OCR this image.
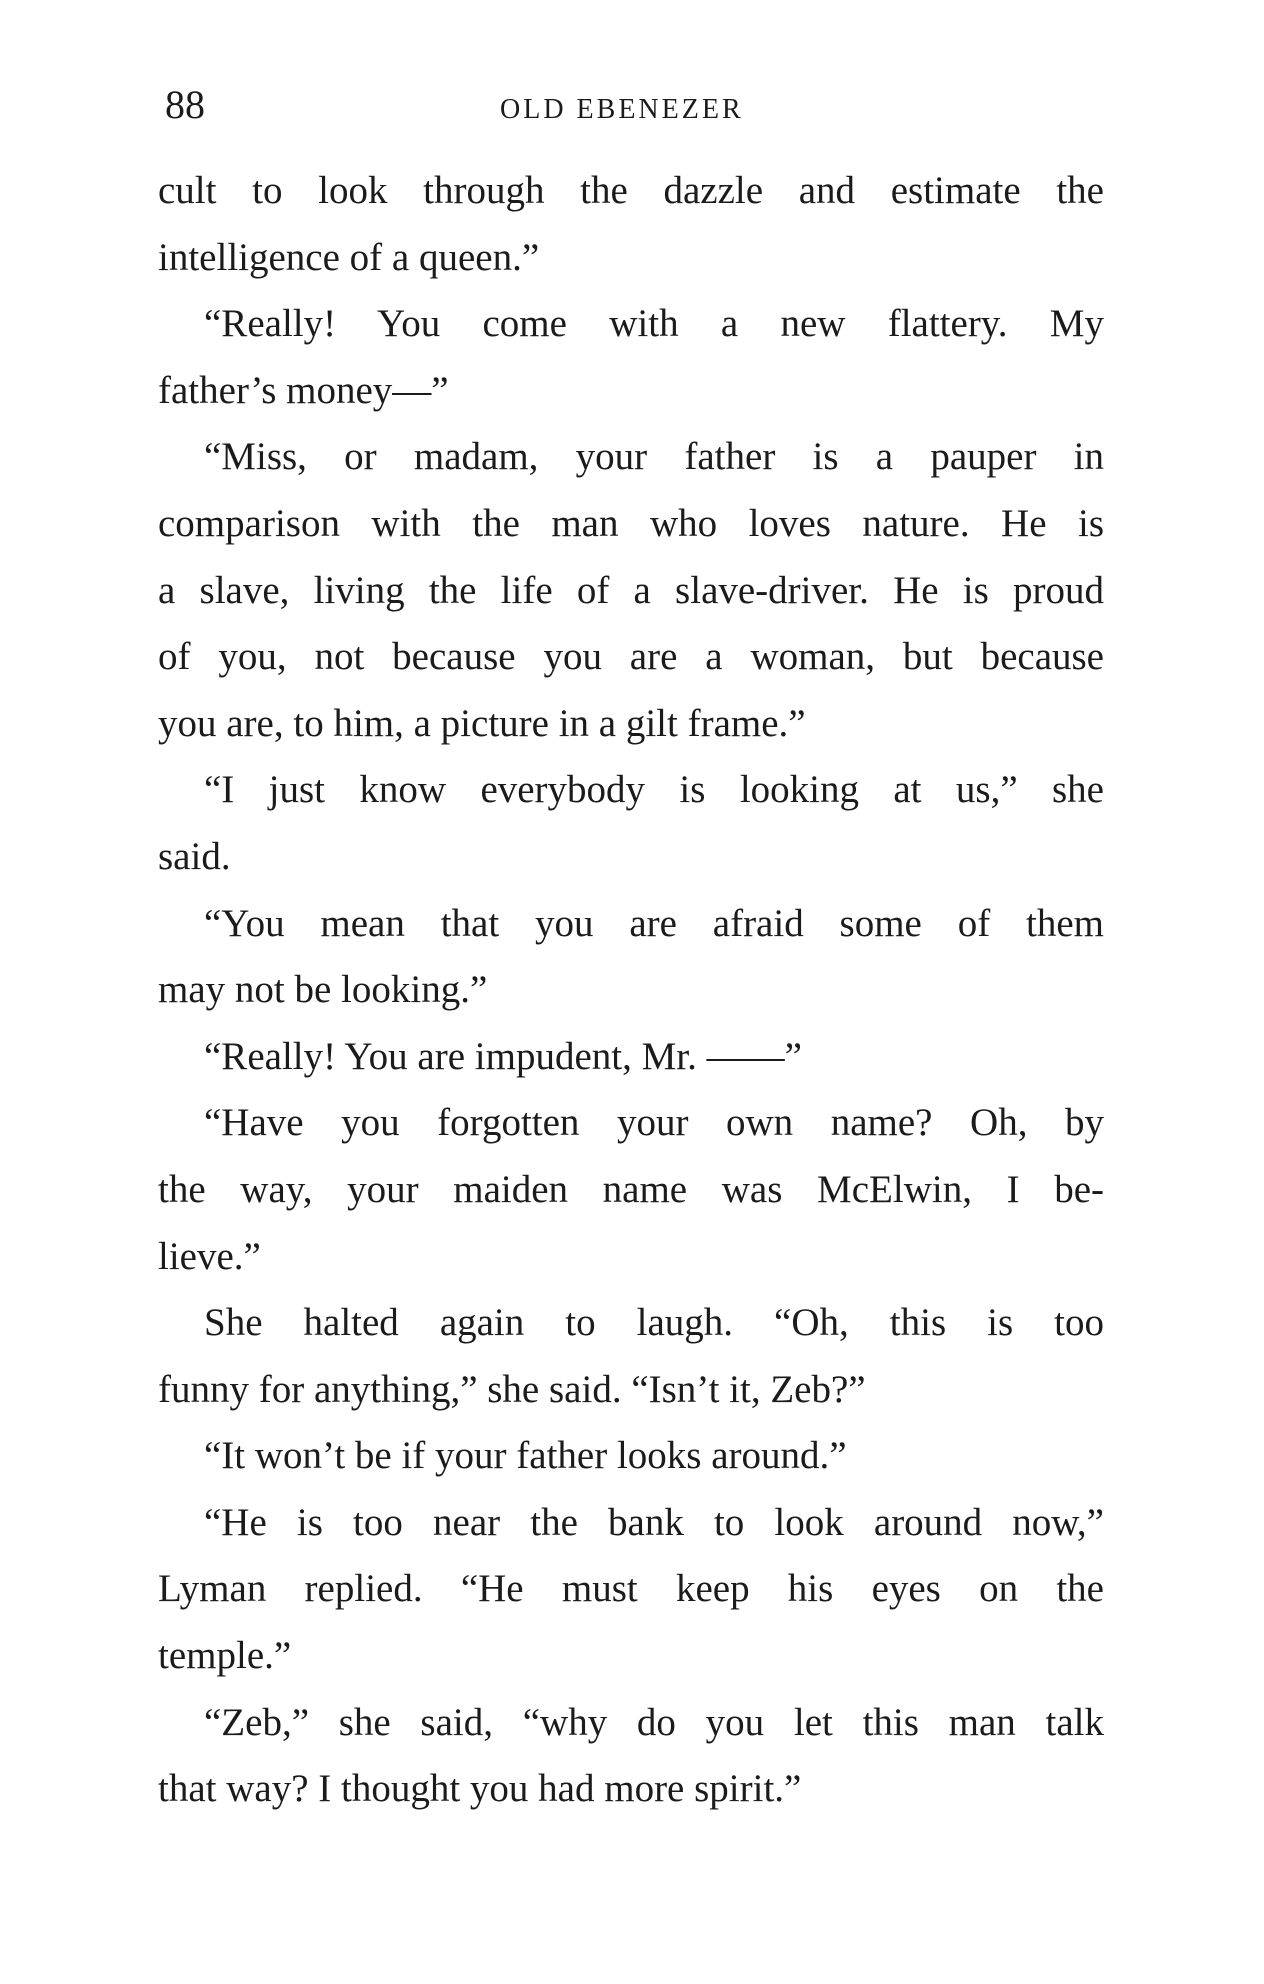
88	OLD EBENEZER
cult to look through the dazzle and estimate the
intelligence of a queen.”
“Really! You come with a new flattery. My
father’s money—”
“Miss, or madam, your father is a pauper in
comparison with the man who loves nature. He is
a slave, living the life of a slave-driver. He is proud
of you, not because you are a woman, but because
you are, to him, a picture in a gilt frame.”
“I just know everybody is looking at us,” she
said.
“You mean that you are afraid some of them
may not be looking.”
“Really! You are impudent, Mr. ——”
“Have you forgotten your own name? Oh, by
the way, your maiden name was McElwin, I be-
lieve.”
She halted again to laugh. “Oh, this is too
funny for anything,” she said. “Isn’t it, Zeb?”
“It won’t be if your father looks around.”
“He is too near the bank to look around now,”
Lyman replied. “He must keep his eyes on the
temple.”
“Zeb,” she said, “why do you let this man talk
that way? I thought you had more spirit.”
